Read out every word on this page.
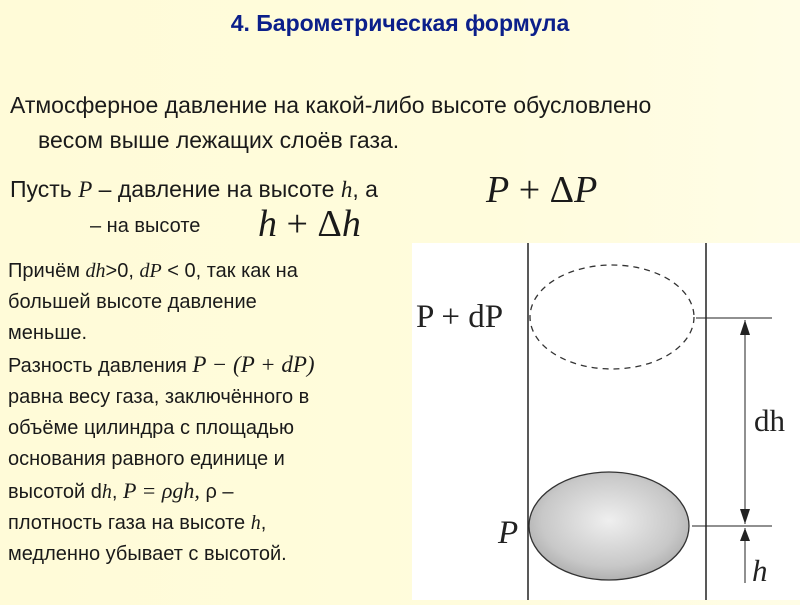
4. Барометрическая формула
Атмосферное давление на какой-либо высоте обусловлено
весом выше лежащих слоёв газа.
Пусть P – давление на высоте h, а	P + ΔP
– на высоте h + Δh
Причём dh>0, dP < 0, так как на
большей высоте давление
меньше.
Разность давления P − (P + dP)
равна весу газа, заключённого в
объёме цилиндра с площадью
основания равного единице и
высотой dh, P = ρgh, ρ –
плотность газа на высоте h,
медленно убывает с высотой.
P + dP
P
dh
h
